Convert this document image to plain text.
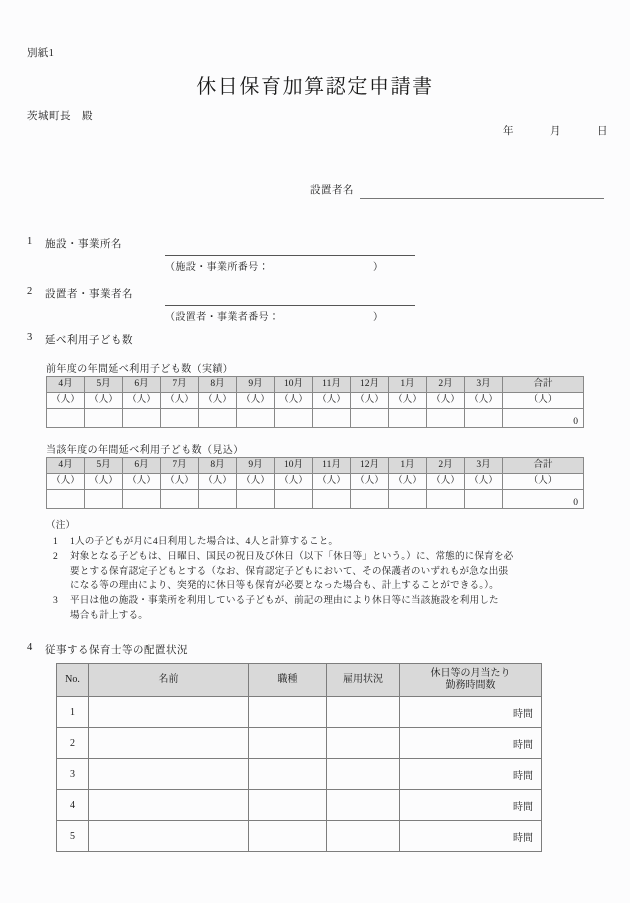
別紙1
休日保育加算認定申請書
茨城町長　殿
年	月	日
設置者名
1 施設・事業所名
（施設・事業所番号：	）
2 設置者・事業者名
（設置者・事業者番号：	）
3 延べ利用子ども数
前年度の年間延べ利用子ども数（実績）
4月	5月	6月	7月	8月	9月	10月	11月	12月	1月	2月	3月	合計
（人）	（人）	（人）	（人）	（人）	（人）	（人）	（人）	（人）	（人）	（人）	（人）	（人）
												0
当該年度の年間延べ利用子ども数（見込）
4月	5月	6月	7月	8月	9月	10月	11月	12月	1月	2月	3月	合計
（人）	（人）	（人）	（人）	（人）	（人）	（人）	（人）	（人）	（人）	（人）	（人）	（人）
												0
（注）
1 1人の子どもが月に4日利用した場合は、4人と計算すること。
2 対象となる子どもは、日曜日、国民の祝日及び休日（以下「休日等」という。）に、常態的に保育を必
要とする保育認定子どもとする（なお、保育認定子どもにおいて、その保護者のいずれもが急な出張
になる等の理由により、突発的に休日等も保育が必要となった場合も、計上することができる。）。
3 平日は他の施設・事業所を利用している子どもが、前記の理由により休日等に当該施設を利用した
場合も計上する。
4 従事する保育士等の配置状況
No.	名前	職種	雇用状況	休日等の月当たり
勤務時間数

1				時間
2				時間
3				時間
4				時間
5				時間
